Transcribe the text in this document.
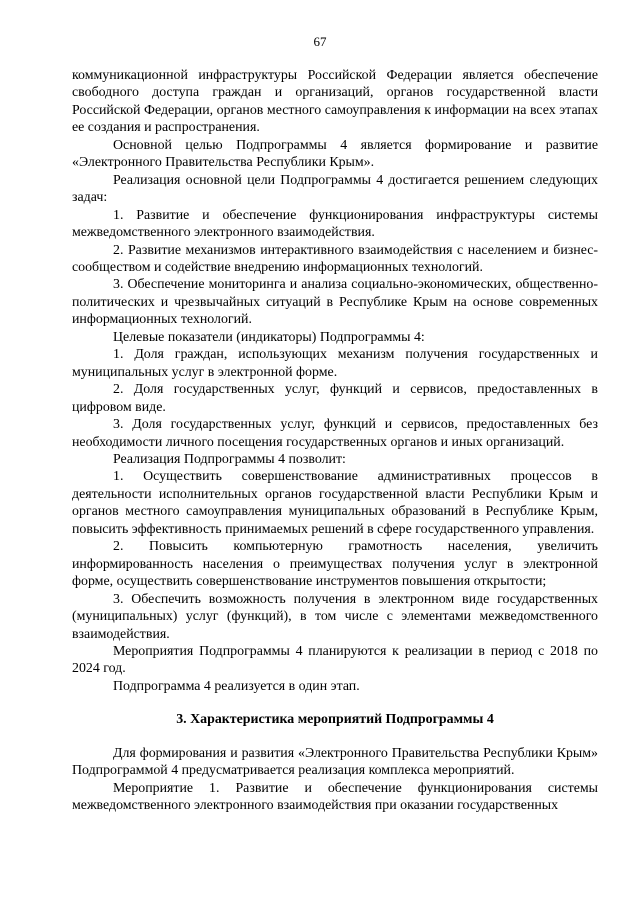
67

коммуникационной инфраструктуры Российской Федерации является обеспечение свободного доступа граждан и организаций, органов государственной власти Российской Федерации, органов местного самоуправления к информации на всех этапах ее создания и распространения.

Основной целью Подпрограммы 4 является формирование и развитие «Электронного Правительства Республики Крым».

Реализация основной цели Подпрограммы 4 достигается решением следующих задач:

1. Развитие и обеспечение функционирования инфраструктуры системы межведомственного электронного взаимодействия.

2. Развитие механизмов интерактивного взаимодействия с населением и бизнес-сообществом и содействие внедрению информационных технологий.

3. Обеспечение мониторинга и анализа социально-экономических, общественно-политических и чрезвычайных ситуаций в Республике Крым на основе современных информационных технологий.

Целевые показатели (индикаторы) Подпрограммы 4:

1. Доля граждан, использующих механизм получения государственных и муниципальных услуг в электронной форме.

2. Доля государственных услуг, функций и сервисов, предоставленных в цифровом виде.

3. Доля государственных услуг, функций и сервисов, предоставленных без необходимости личного посещения государственных органов и иных организаций.

Реализация Подпрограммы 4 позволит:

1. Осуществить совершенствование административных процессов в деятельности исполнительных органов государственной власти Республики Крым и органов местного самоуправления муниципальных образований в Республике Крым, повысить эффективность принимаемых решений в сфере государственного управления.

2. Повысить компьютерную грамотность населения, увеличить информированность населения о преимуществах получения услуг в электронной форме, осуществить совершенствование инструментов повышения открытости;

3. Обеспечить возможность получения в электронном виде государственных (муниципальных) услуг (функций), в том числе с элементами межведомственного взаимодействия.

Мероприятия Подпрограммы 4 планируются к реализации в период с 2018 по 2024 год.

Подпрограмма 4 реализуется в один этап.

3. Характеристика мероприятий Подпрограммы 4

Для формирования и развития «Электронного Правительства Республики Крым» Подпрограммой 4 предусматривается реализация комплекса мероприятий.

Мероприятие 1. Развитие и обеспечение функционирования системы межведомственного электронного взаимодействия при оказании государственных
